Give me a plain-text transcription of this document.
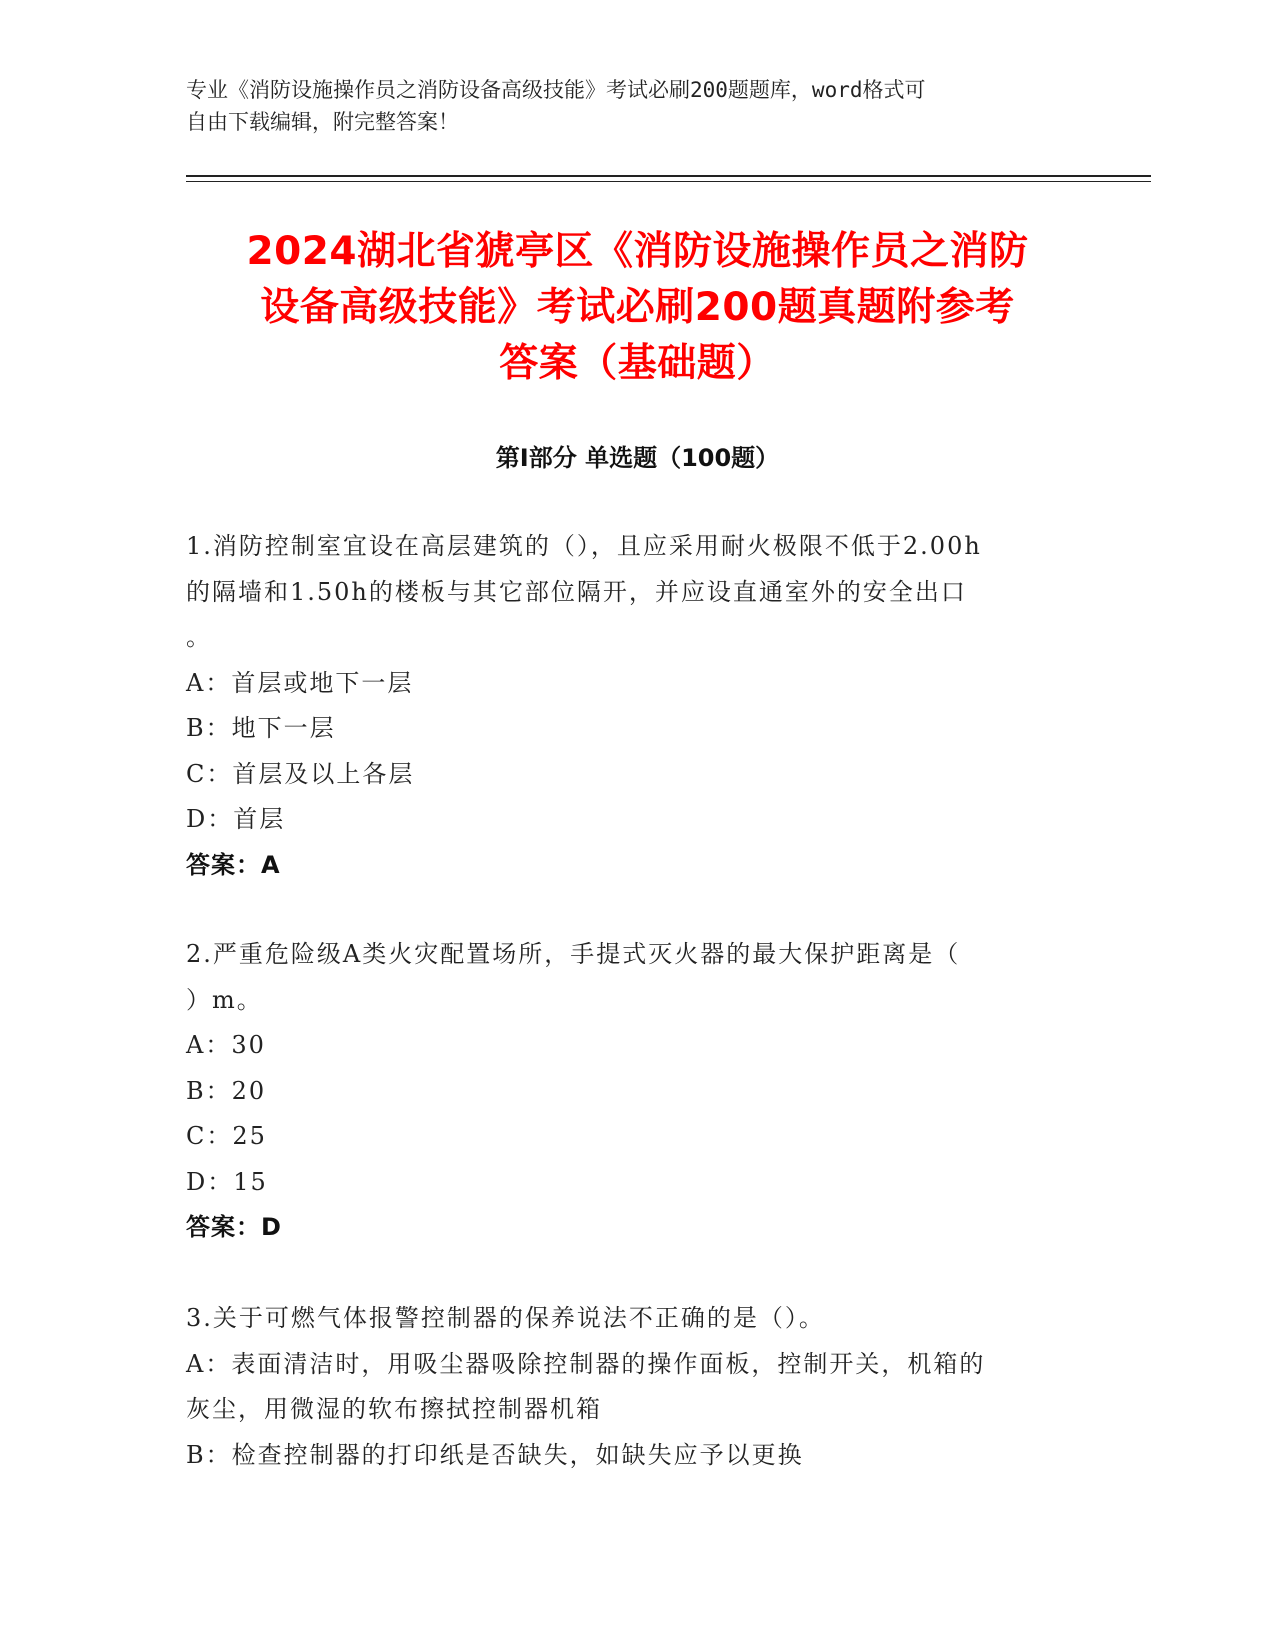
专业《消防设施操作员之消防设备高级技能》考试必刷200题题库，word格式可
自由下载编辑，附完整答案！
2024湖北省猇亭区《消防设施操作员之消防
设备高级技能》考试必刷200题真题附参考
答案（基础题）
第Ⅰ部分 单选题（100题）
1.消防控制室宜设在高层建筑的（），且应采用耐火极限不低于2.00h
的隔墙和1.50h的楼板与其它部位隔开，并应设直通室外的安全出口
。
A：首层或地下一层
B：地下一层
C：首层及以上各层
D：首层
答案：A
2.严重危险级A类火灾配置场所，手提式灭火器的最大保护距离是（
）m。
A：30
B：20
C：25
D：15
答案：D
3.关于可燃气体报警控制器的保养说法不正确的是（）。
A：表面清洁时，用吸尘器吸除控制器的操作面板，控制开关，机箱的
灰尘，用微湿的软布擦拭控制器机箱
B：检查控制器的打印纸是否缺失，如缺失应予以更换
